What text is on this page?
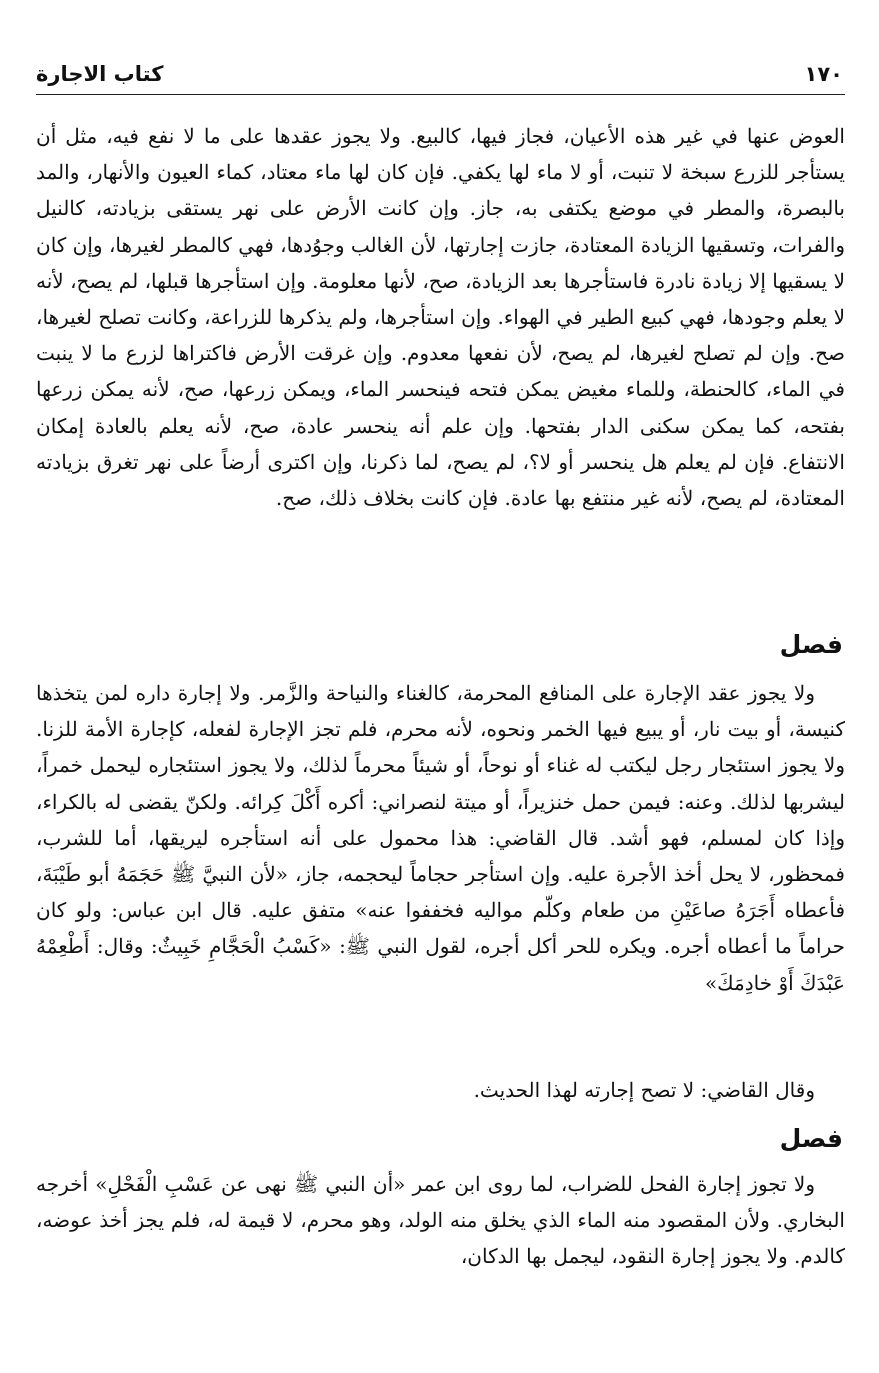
كتاب الاجارة	١٧٠

العوض عنها في غير هذه الأعيان، فجاز فيها، كالبيع. ولا يجوز عقدها على ما لا نفع فيه، مثل أن يستأجر للزرع سبخة لا تنبت، أو لا ماء لها يكفي. فإن كان لها ماء معتاد، كماء العيون والأنهار، والمد بالبصرة، والمطر في موضع يكتفى به، جاز. وإن كانت الأرض على نهر يستقى بزيادته، كالنيل والفرات، وتسقيها الزيادة المعتادة، جازت إجارتها، لأن الغالب وجوُدها، فهي كالمطر لغيرها، وإن كان لا يسقيها إلا زيادة نادرة فاستأجرها بعد الزيادة، صح، لأنها معلومة. وإن استأجرها قبلها، لم يصح، لأنه لا يعلم وجودها، فهي كبيع الطير في الهواء. وإن استأجرها، ولم يذكرها للزراعة، وكانت تصلح لغيرها، صح. وإن لم تصلح لغيرها، لم يصح، لأن نفعها معدوم. وإن غرقت الأرض فاكتراها لزرع ما لا ينبت في الماء، كالحنطة، وللماء مغيض يمكن فتحه فينحسر الماء، ويمكن زرعها، صح، لأنه يمكن زرعها بفتحه، كما يمكن سكنى الدار بفتحها. وإن علم أنه ينحسر عادة، صح، لأنه يعلم بالعادة إمكان الانتفاع. فإن لم يعلم هل ينحسر أو لا؟، لم يصح، لما ذكرنا، وإن اكترى أرضاً على نهر تغرق بزيادته المعتادة، لم يصح، لأنه غير منتفع بها عادة. فإن كانت بخلاف ذلك، صح.

فصل

ولا يجوز عقد الإجارة على المنافع المحرمة، كالغناء والنياحة والزَّمر. ولا إجارة داره لمن يتخذها كنيسة، أو بيت نار، أو يبيع فيها الخمر ونحوه، لأنه محرم، فلم تجز الإجارة لفعله، كإجارة الأمة للزنا. ولا يجوز استئجار رجل ليكتب له غناء أو نوحاً، أو شيئاً محرماً لذلك، ولا يجوز استئجاره ليحمل خمراً، ليشربها لذلك. وعنه: فيمن حمل خنزيراً، أو ميتة لنصراني: أكره أَكْلَ كِرائه. ولكنّ يقضى له بالكراء، وإذا كان لمسلم، فهو أشد. قال القاضي: هذا محمول على أنه استأجره ليريقها، أما للشرب، فمحظور، لا يحل أخذ الأجرة عليه. وإن استأجر حجاماً ليحجمه، جاز، «لأن النبيَّ ﷺ حَجَمَهُ أبو طَيْبَةَ، فأعطاه أَجَرَهُ صاعَيْنِ من طعام وكلّم مواليه فخففوا عنه» متفق عليه. قال ابن عباس: ولو كان حراماً ما أعطاه أجره. ويكره للحر أكل أجره، لقول النبي ﷺ: «كَسْبُ الْحَجَّامِ خَبِيثٌ: وقال: أَطْعِمْهُ عَبْدَكَ أَوْ خادِمَكَ»

وقال القاضي: لا تصح إجارته لهذا الحديث.

فصل

ولا تجوز إجارة الفحل للضراب، لما روى ابن عمر «أن النبي ﷺ نهى عن عَسْبِ الْفَحْلِ» أخرجه البخاري. ولأن المقصود منه الماء الذي يخلق منه الولد، وهو محرم، لا قيمة له، فلم يجز أخذ عوضه، كالدم. ولا يجوز إجارة النقود، ليجمل بها الدكان،
